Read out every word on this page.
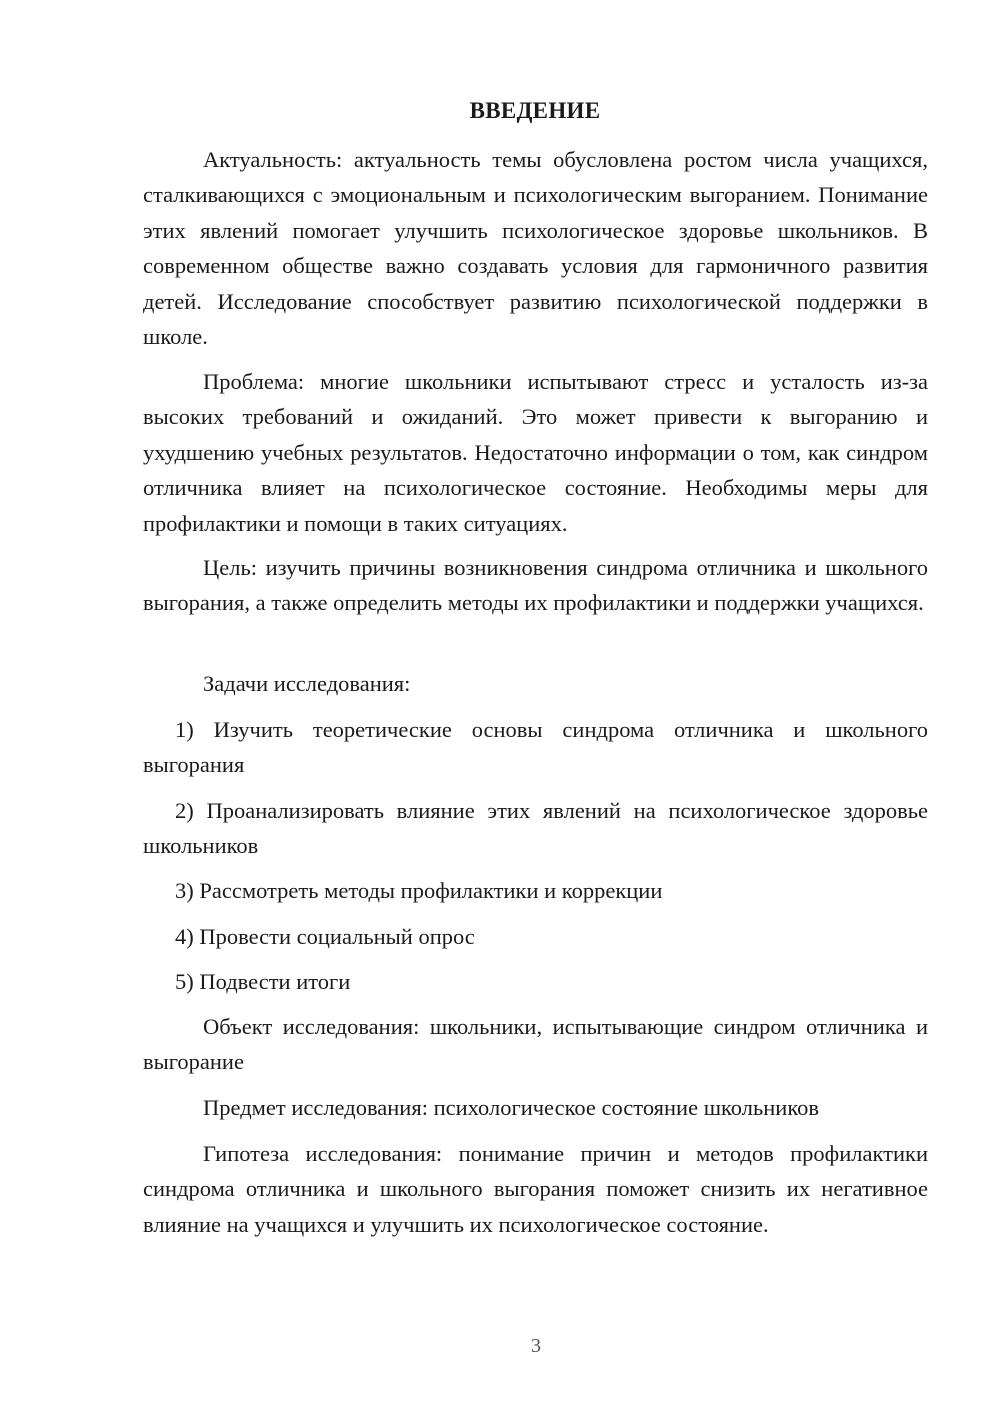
ВВЕДЕНИЕ

Актуальность: актуальность темы обусловлена ростом числа учащихся, сталкивающихся с эмоциональным и психологическим выгоранием. Понимание этих явлений помогает улучшить психологическое здоровье школьников. В современном обществе важно создавать условия для гармоничного развития детей. Исследование способствует развитию психологической поддержки в школе.

Проблема: многие школьники испытывают стресс и усталость из-за высоких требований и ожиданий. Это может привести к выгоранию и ухудшению учебных результатов. Недостаточно информации о том, как синдром отличника влияет на психологическое состояние. Необходимы меры для профилактики и помощи в таких ситуациях.

Цель: изучить причины возникновения синдрома отличника и школьного выгорания, а также определить методы их профилактики и поддержки учащихся.

Задачи исследования:

1) Изучить теоретические основы синдрома отличника и школьного выгорания

2) Проанализировать влияние этих явлений на психологическое здоровье школьников

3) Рассмотреть методы профилактики и коррекции

4) Провести социальный опрос

5) Подвести итоги

Объект исследования: школьники, испытывающие синдром отличника и выгорание

Предмет исследования: психологическое состояние школьников

Гипотеза исследования: понимание причин и методов профилактики синдрома отличника и школьного выгорания поможет снизить их негативное влияние на учащихся и улучшить их психологическое состояние.

3
